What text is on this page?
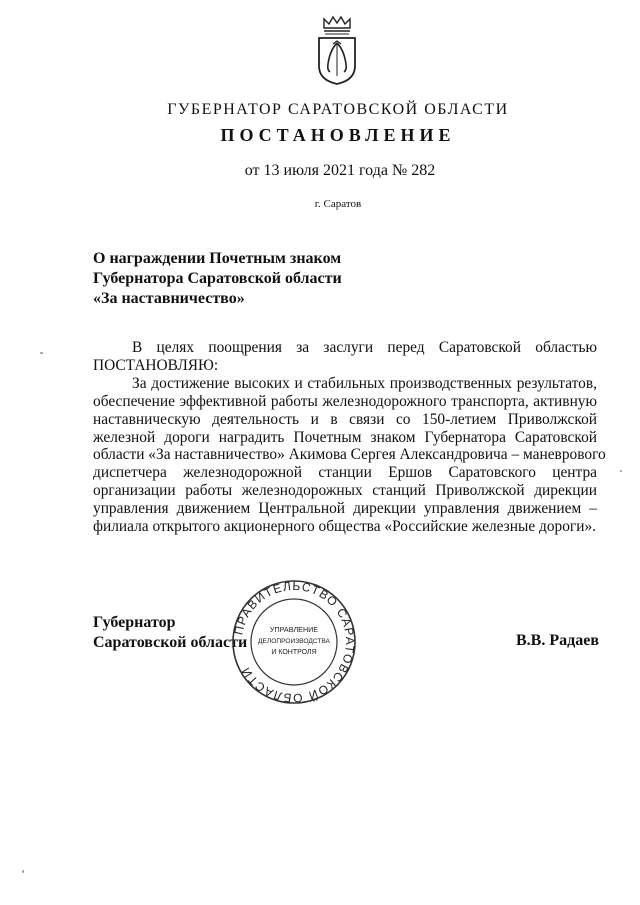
ГУБЕРНАТОР САРАТОВСКОЙ ОБЛАСТИ
ПОСТАНОВЛЕНИЕ
от 13 июля 2021 года № 282
г. Саратов
О награждении Почетным знаком
Губернатора Саратовской области
«За наставничество»
В целях поощрения за заслуги перед Саратовской областью
ПОСТАНОВЛЯЮ:
За достижение высоких и стабильных производственных результатов,
обеспечение эффективной работы железнодорожного транспорта, активную
наставническую деятельность и в связи со 150-летием Приволжской
железной дороги наградить Почетным знаком Губернатора Саратовской
области «За наставничество» Акимова Сергея Александровича – маневрового
диспетчера железнодорожной станции Ершов Саратовского центра
организации работы железнодорожных станций Приволжской дирекции
управления движением Центральной дирекции управления движением –
филиала открытого акционерного общества «Российские железные дороги».
Губернатор
Саратовской области	В.В. Радаев
ПРАВИТЕЛЬСТВО САРАТОВСКОЙ ОБЛАСТИ
УПРАВЛЕНИЕ
ДЕЛОПРОИЗВОДСТВА
И КОНТРОЛЯ
